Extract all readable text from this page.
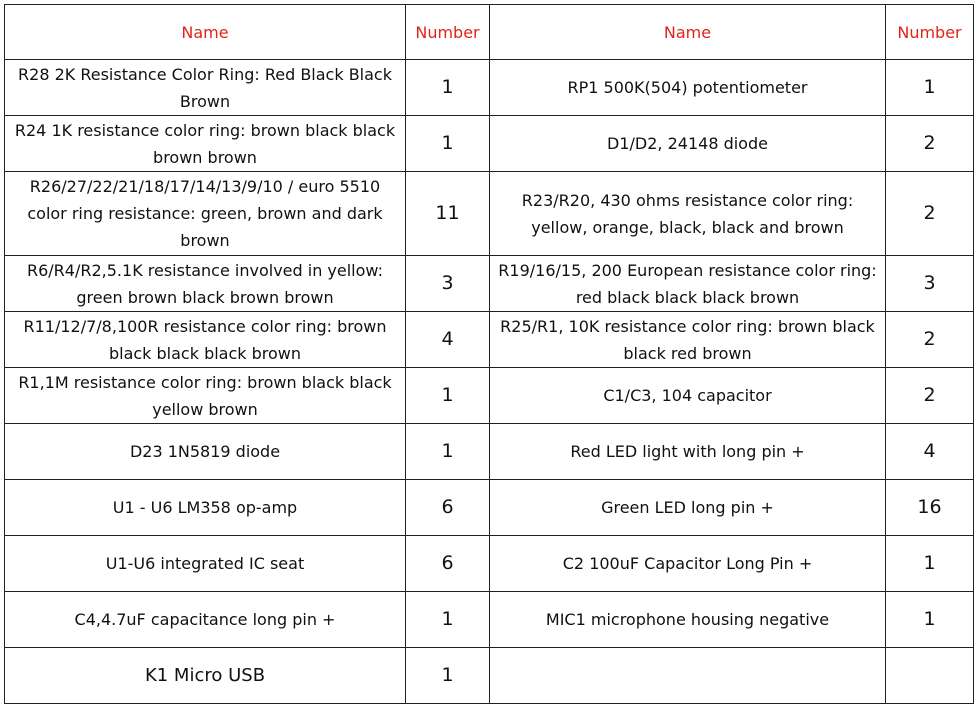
Name	Number	Name	Number
R28 2K Resistance Color Ring: Red Black Black Brown	1	RP1 500K(504) potentiometer	1
R24 1K resistance color ring: brown black black brown brown	1	D1/D2, 24148 diode	2
R26/27/22/21/18/17/14/13/9/10 / euro 5510 color ring resistance: green, brown and dark brown	11	R23/R20, 430 ohms resistance color ring: yellow, orange, black, black and brown	2
R6/R4/R2,5.1K resistance involved in yellow: green brown black brown brown	3	R19/16/15, 200 European resistance color ring: red black black black brown	3
R11/12/7/8,100R resistance color ring: brown black black black brown	4	R25/R1, 10K resistance color ring: brown black black red brown	2
R1,1M resistance color ring: brown black black yellow brown	1	C1/C3, 104 capacitor	2
D23 1N5819 diode	1	Red LED light with long pin +	4
U1 - U6 LM358 op-amp	6	Green LED long pin +	16
U1-U6 integrated IC seat	6	C2 100uF Capacitor Long Pin +	1
C4,4.7uF capacitance long pin +	1	MIC1 microphone housing negative	1
K1 Micro USB	1		
